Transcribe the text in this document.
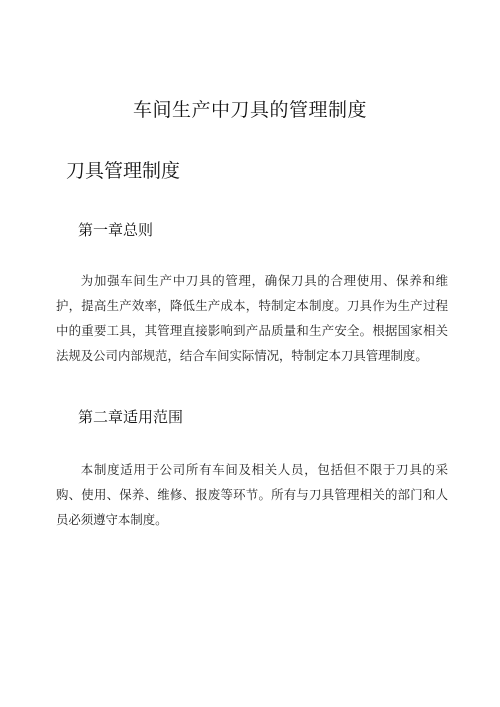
车间生产中刀具的管理制度
刀具管理制度
第一章总则

为加强车间生产中刀具的管理，确保刀具的合理使用、保养和维护，提高生产效率，降低生产成本，特制定本制度。刀具作为生产过程中的重要工具，其管理直接影响到产品质量和生产安全。根据国家相关法规及公司内部规范，结合车间实际情况，特制定本刀具管理制度。

第二章适用范围

本制度适用于公司所有车间及相关人员，包括但不限于刀具的采购、使用、保养、维修、报废等环节。所有与刀具管理相关的部门和人员必须遵守本制度。
